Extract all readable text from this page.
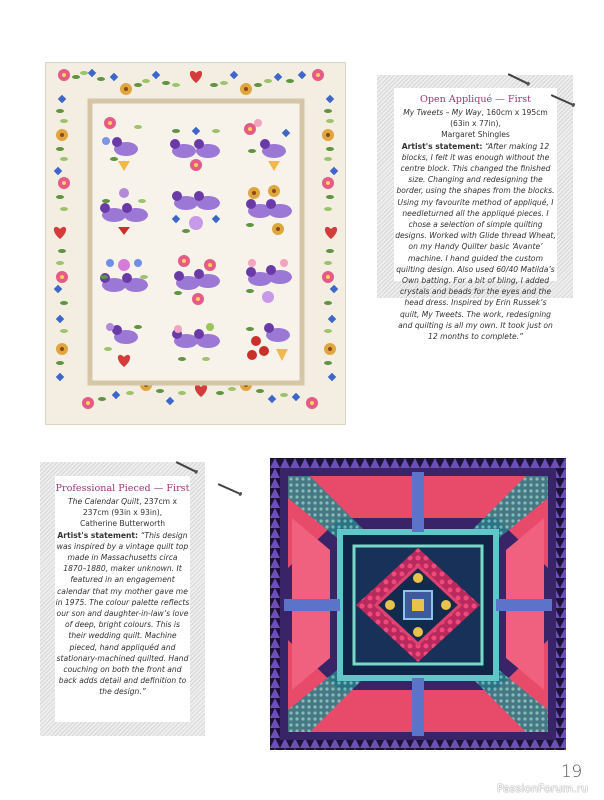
Open Appliqué — First
My Tweets – My Way, 160cm x 195cm (63in x 77in),
Margaret Shingles
Artist's statement: “After making 12 blocks, I felt it was enough without the centre block. This changed the finished size. Changing and redesigning the border, using the shapes from the blocks. Using my favourite method of appliqué, I needleturned all the appliqué pieces. I chose a selection of simple quilting designs. Worked with Glide thread Wheat, on my Handy Quilter basic ‘Avante’ machine. I hand guided the custom quilting design. Also used 60/40 Matilda’s Own batting. For a bit of bling, I added crystals and beads for the eyes and the head dress. Inspired by Erin Russek’s quilt, My Tweets. The work, redesigning and quilting is all my own. It took just on 12 months to complete.”
Professional Pieced — First
The Calendar Quilt, 237cm x 237cm (93in x 93in),
Catherine Butterworth
Artist's statement: “This design was inspired by a vintage quilt top made in Massachusetts circa 1870–1880, maker unknown. It featured in an engagement calendar that my mother gave me in 1975. The colour palette reflects our son and daughter-in-law’s love of deep, bright colours. This is their wedding quilt. Machine pieced, hand appliquéd and stationary-machined quilted. Hand couching on both the front and back adds detail and definition to the design.”
19
PassionForum.ru
